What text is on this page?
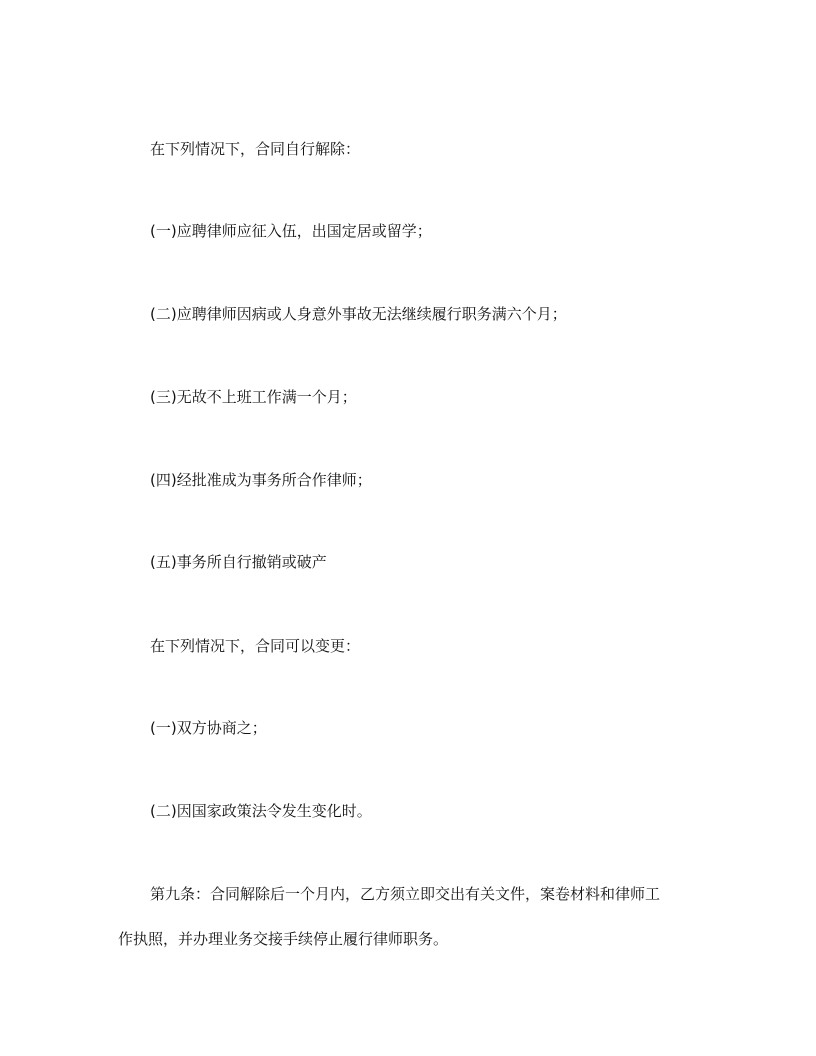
在下列情况下，合同自行解除：
(一)应聘律师应征入伍，出国定居或留学；
(二)应聘律师因病或人身意外事故无法继续履行职务满六个月；
(三)无故不上班工作满一个月；
(四)经批准成为事务所合作律师；
(五)事务所自行撤销或破产
在下列情况下，合同可以变更：
(一)双方协商之；
(二)因国家政策法令发生变化时。
第九条：合同解除后一个月内，乙方须立即交出有关文件，案卷材料和律师工
作执照，并办理业务交接手续停止履行律师职务。
